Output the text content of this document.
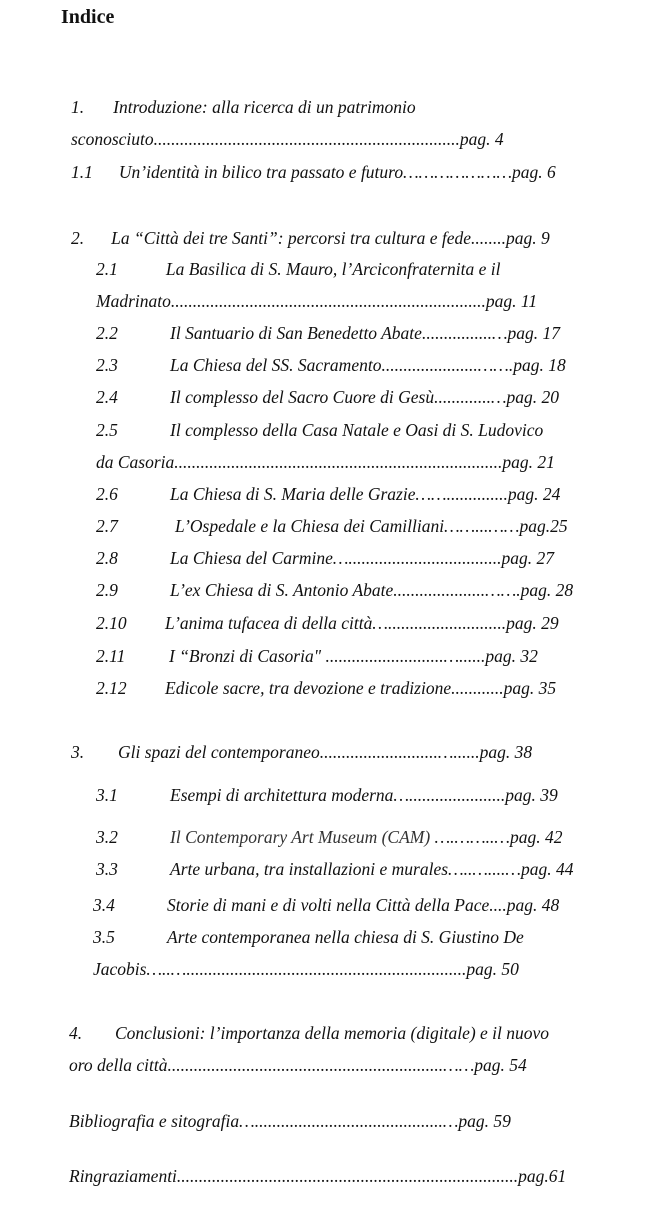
Indice
1. Introduzione: alla ricerca di un patrimonio
sconosciuto......................................................................pag. 4
1.1 Un’identità in bilico tra passato e futuro…………………pag. 6
2. La “Città dei tre Santi”: percorsi tra cultura e fede........pag. 9
2.1	La Basilica di S. Mauro, l’Arciconfraternita e il
Madrinato........................................................................pag. 11
2.2	Il Santuario di San Benedetto Abate................…pag. 17
2.3	La Chiesa del SS. Sacramento......................…….pag. 18
2.4	Il complesso del Sacro Cuore di Gesù.............…pag. 20
2.5	Il complesso della Casa Natale e Oasi di S. Ludovico
da Casoria...........................................................................pag. 21
2.6	La Chiesa di S. Maria delle Grazie……..............pag. 24
2.7	L’Ospedale e la Chiesa dei Camilliani……...……pag.25
2.8	La Chiesa del Carmine…...................................pag. 27
2.9	L’ex Chiesa di S. Antonio Abate.....................…….pag. 28
2.10 L’anima tufacea di della città…...........................pag. 29
2.11 I “Bronzi di Casoria" ...........................…......pag. 32
2.12 Edicole sacre, tra devozione e tradizione............pag. 35
3. Gli spazi del contemporaneo...........................…......pag. 38
3.1	Esempi di architettura moderna…......................pag. 39
3.2	Il Contemporary Art Museum (CAM) ….……..…pag. 42
3.3	Arte urbana, tra installazioni e murales…..…....…pag. 44
3.4	Storie di mani e di volti nella Città della Pace....pag. 48
3.5	Arte contemporanea nella chiesa di S. Giustino De
Jacobis…..…................................................................pag. 50
4. Conclusioni: l’importanza della memoria (digitale) e il nuovo
oro della città...............................................................……pag. 54
Bibliografia e sitografia…...........................................…pag. 59
Ringraziamenti..............................................................................pag.61
